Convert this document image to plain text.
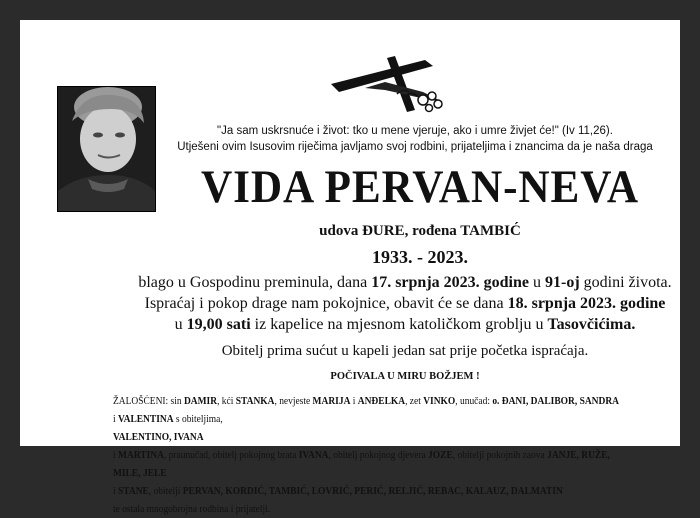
"Ja sam uskrsnuće i život: tko u mene vjeruje, ako i umre živjet će!" (Iv 11,26).
Utješeni ovim Isusovim riječima javljamo svoj rodbini, prijateljima i znancima da je naša draga
VIDA PERVAN-NEVA
udova ĐURE, rođena TAMBIĆ
1933. - 2023.
blago u Gospodinu preminula, dana 17. srpnja 2023. godine u 91-oj godini života.
Ispraćaj i pokop drage nam pokojnice, obavit će se dana 18. srpnja 2023. godine
u 19,00 sati iz kapelice na mjesnom katoličkom groblju u Tasovčićima.
Obitelj prima sućut u kapeli jedan sat prije početka ispraćaja.
POČIVALA U MIRU BOŽJEM !
ŽALOŠĆENI: sin DAMIR, kći STANKA, nevjeste MARIJA i ANĐELKA, zet VINKO, unučad: o. ĐANI, DALIBOR, SANDRA i VALENTINA s obiteljima,
VALENTINO, IVANA i MARTINA, praunučad, obitelj pokojnog brata IVANA, obitelj pokojnog djevera JOZE, obitelji pokojnih zaova JANJE, RUŽE, MILE, JELE
i STANE, obitelji PERVAN, KORDIĆ, TAMBIĆ, LOVRIĆ, PERIĆ, RELJIĆ, REBAC, KALAUZ, DALMATIN te ostala mnogobrojna rodbina i prijatelji.
